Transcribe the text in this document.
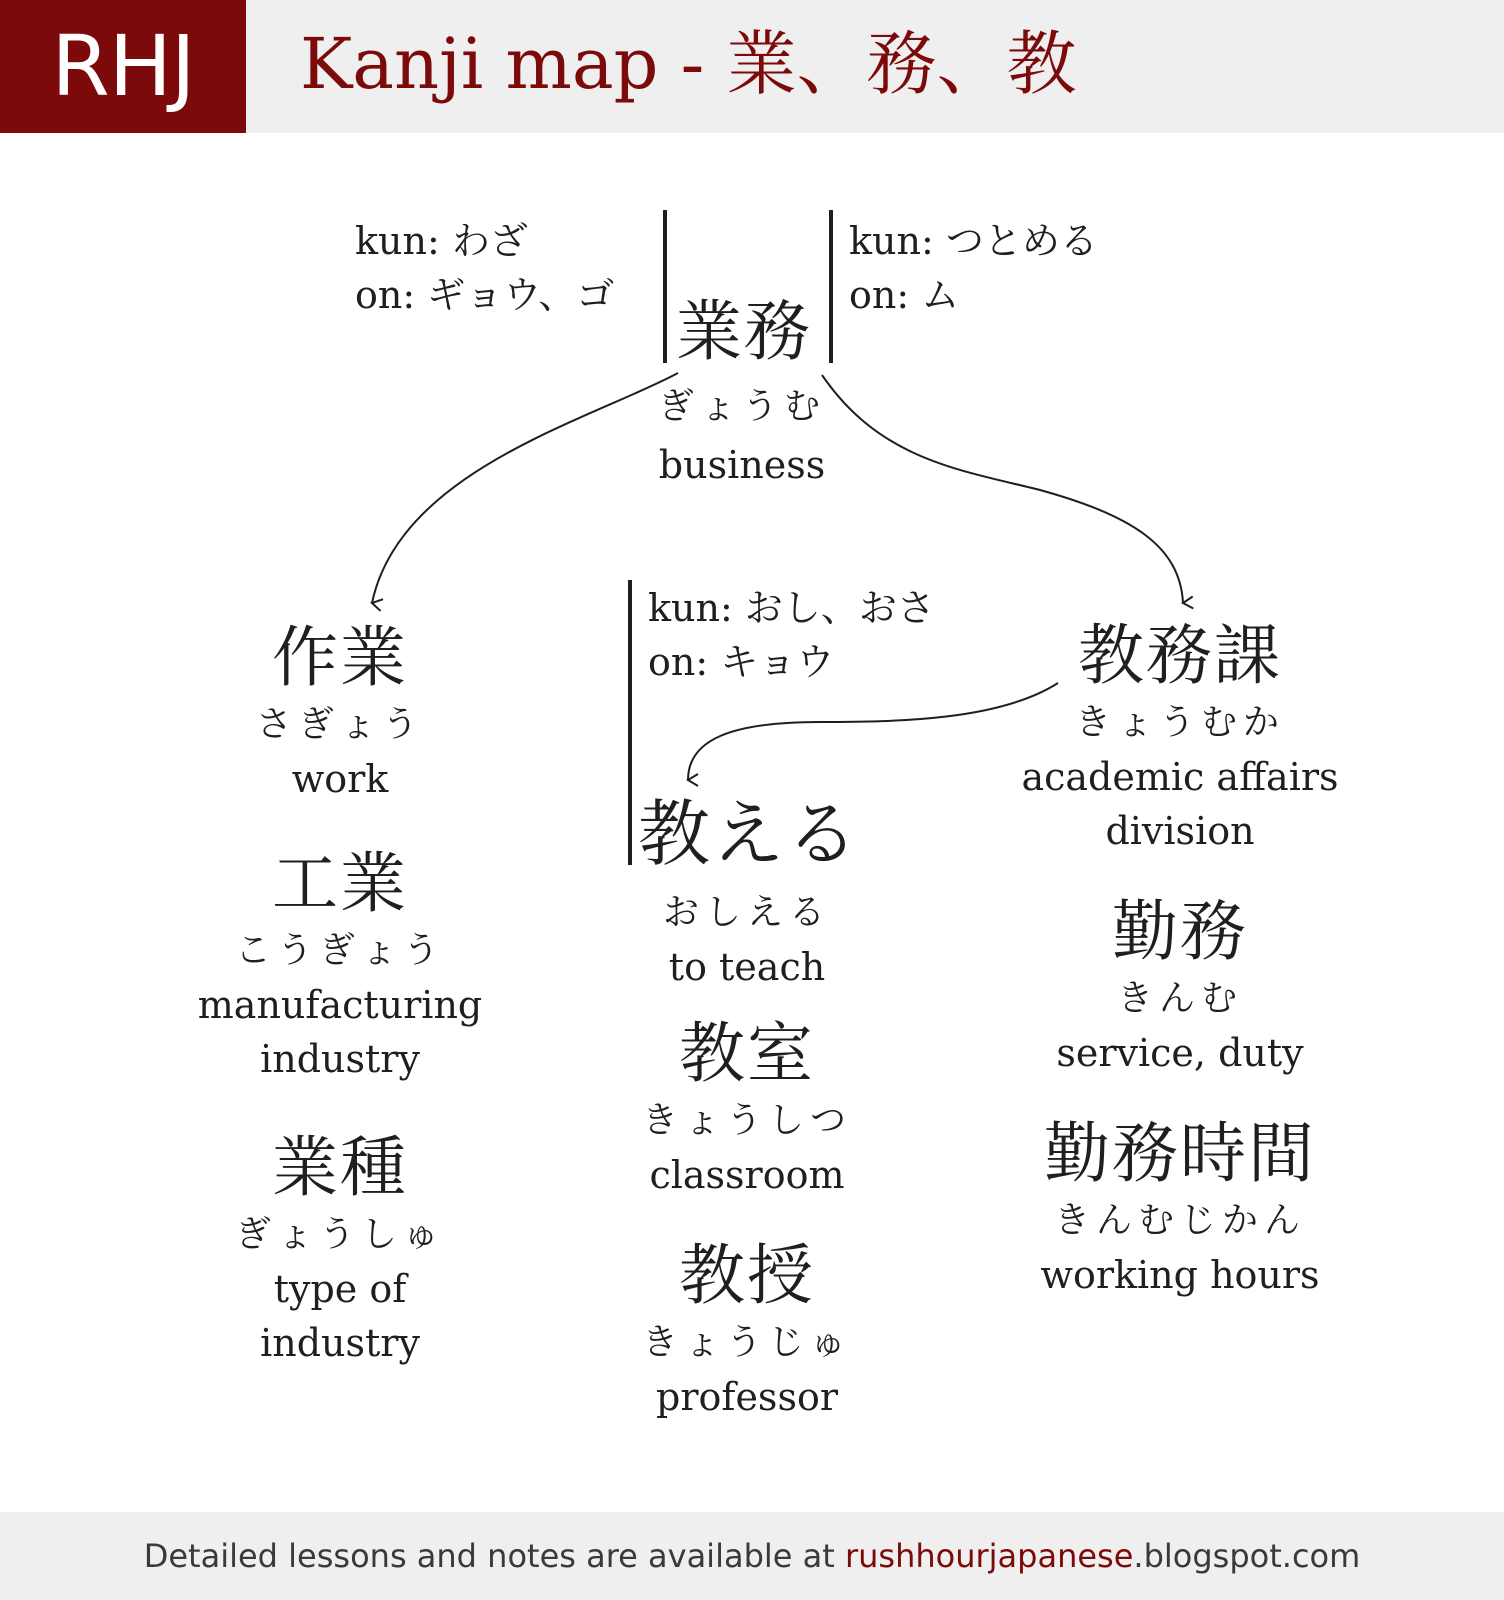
RHJ	Kanji map - 業、務、教
kun: わざ
on: ギョウ、ゴ
kun: つとめる
on: ム
kun: おし、おさ
on: キョウ
業務
ぎょうむ
business
作業
さぎょう
work
工業
こうぎょう
manufacturing industry
業種
ぎょうしゅ
type of industry
教える
おしえる
to teach
教室
きょうしつ
classroom
教授
きょうじゅ
professor
教務課
きょうむか
academic affairs division
勤務
きんむ
service, duty
勤務時間
きんむじかん
working hours
Detailed lessons and notes are available at rushhourjapanese.blogspot.com
